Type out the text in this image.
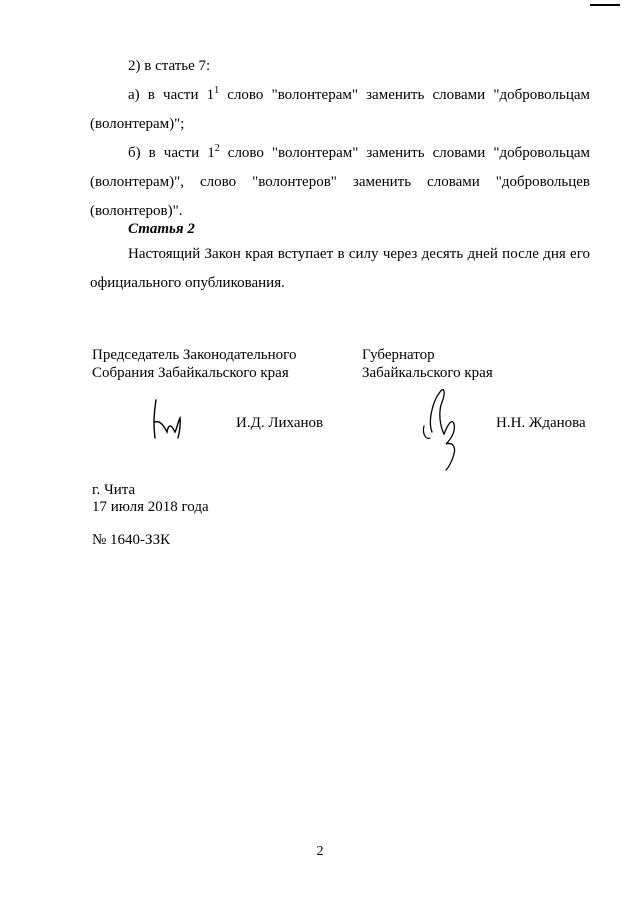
2) в статье 7:
а) в части $1^1$ слово "волонтерам" заменить словами "добровольцам (волонтерам)";
б) в части $1^2$ слово "волонтерам" заменить словами "добровольцам (волонтерам)", слово "волонтеров" заменить словами "добровольцев (волонтеров)".
Статья 2
Настоящий Закон края вступает в силу через десять дней после дня его официального опубликования.
Председатель Законодательного
Собрания Забайкальского края
И.Д. Лиханов
Губернатор
Забайкальского края
Н.Н. Жданова
г. Чита
17 июля 2018 года
№ 1640-ЗЗК
2
